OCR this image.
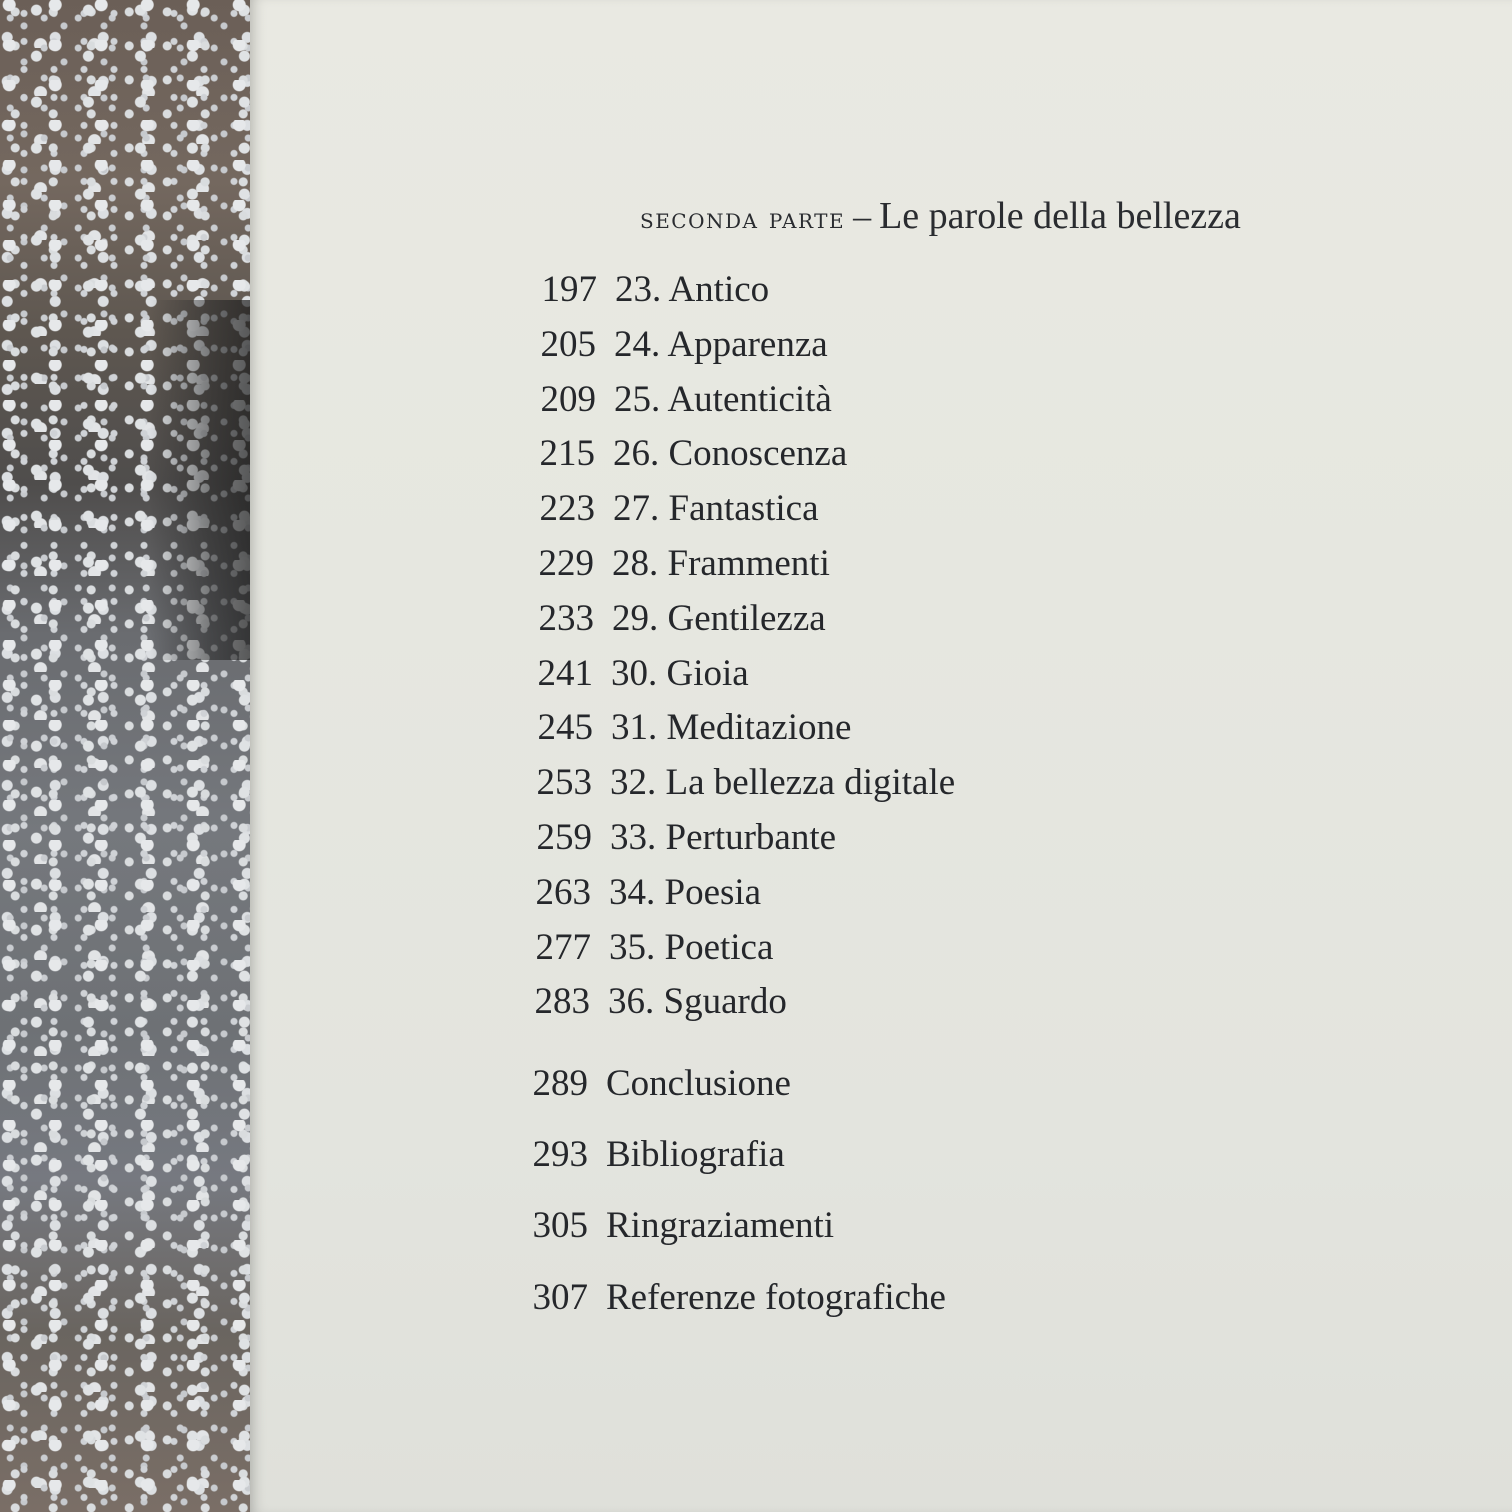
seconda parte – Le parole della bellezza
197 23. Antico
205 24. Apparenza
209 25. Autenticità
215 26. Conoscenza
223 27. Fantastica
229 28. Frammenti
233 29. Gentilezza
241 30. Gioia
245 31. Meditazione
253 32. La bellezza digitale
259 33. Perturbante
263 34. Poesia
277 35. Poetica
283 36. Sguardo
289 Conclusione
293 Bibliografia
305 Ringraziamenti
307 Referenze fotografiche
